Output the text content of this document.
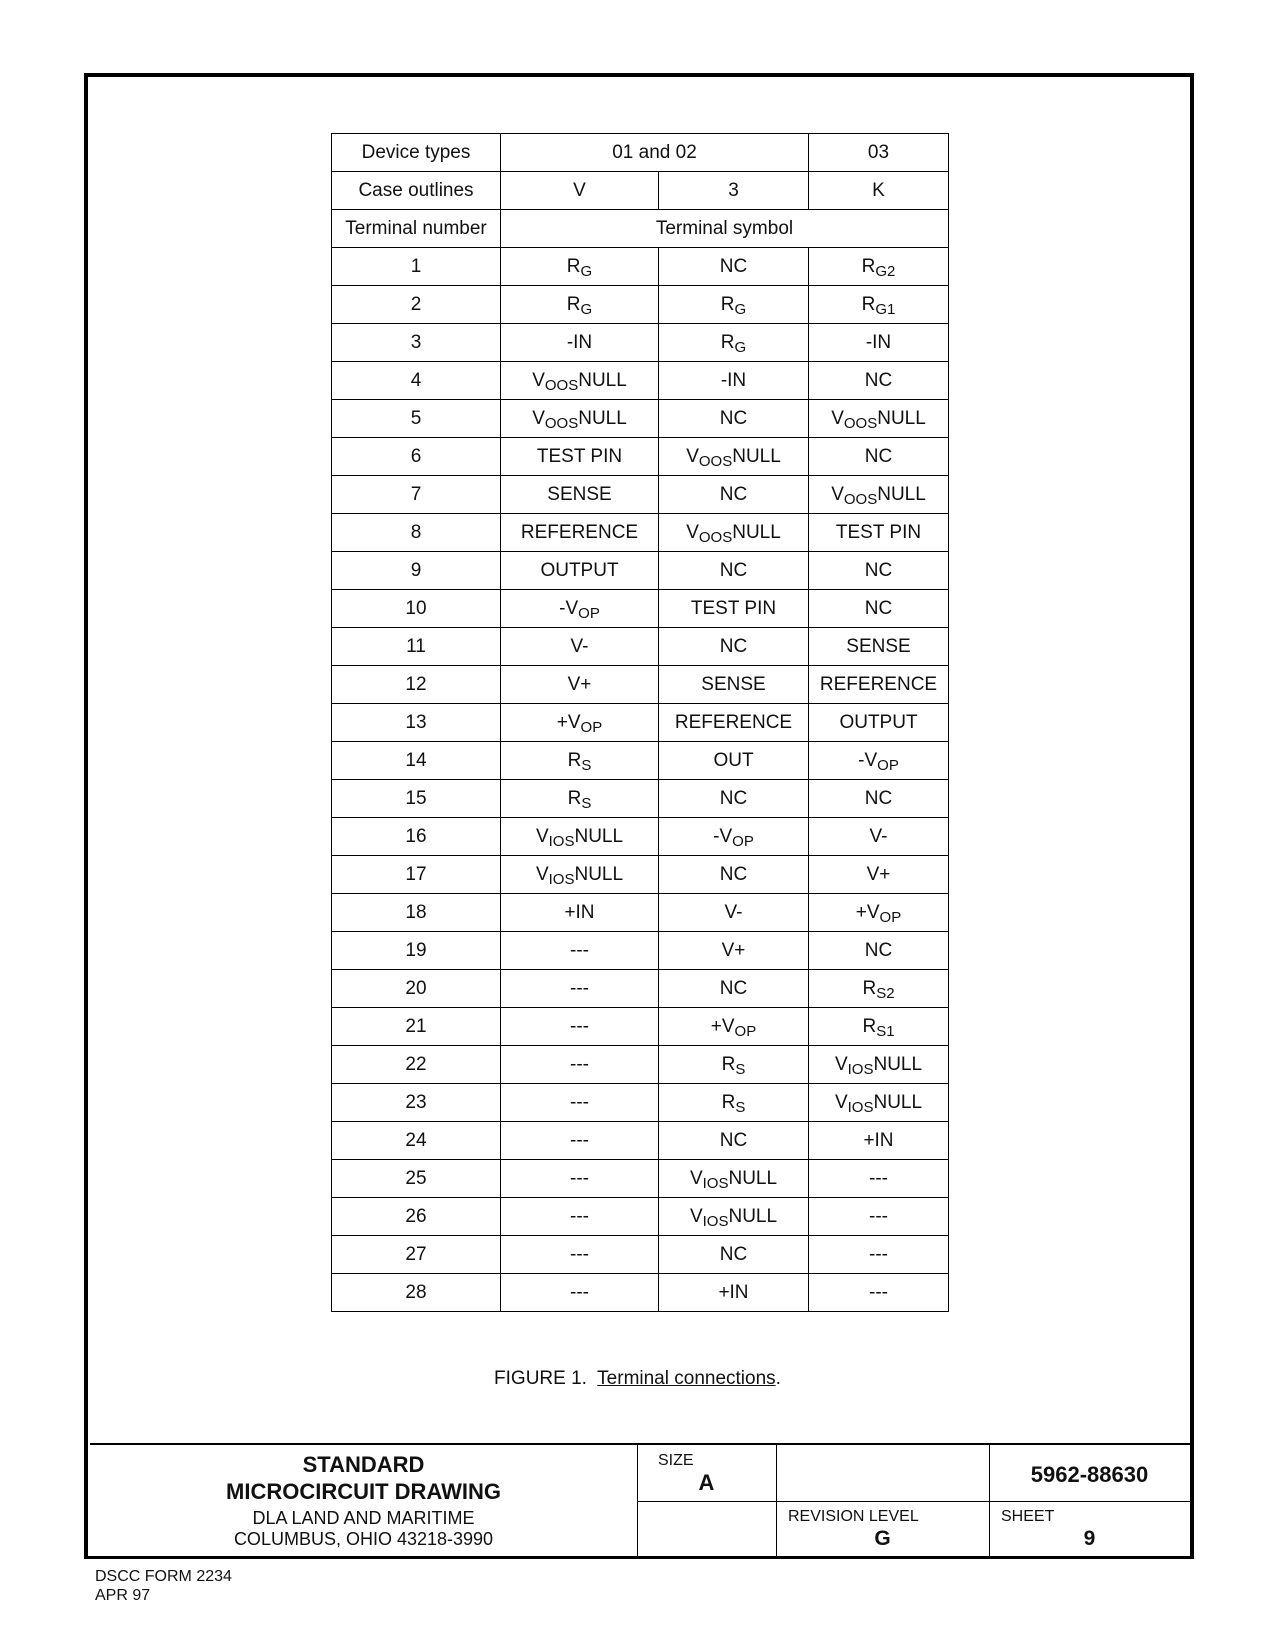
Device types	01 and 02		03
Case outlines	V	3	K
Terminal number	Terminal symbol		
1	$R_G$	NC	$R_{G2}$
2	$R_G$	$R_G$	$R_{G1}$
3	-IN	$R_G$	-IN
4	$V_{OOS}NULL$	-IN	NC
5	$V_{OOS}NULL$	NC	$V_{OOS}NULL$
6	TEST PIN	$V_{OOS}NULL$	NC
7	SENSE	NC	$V_{OOS}NULL$
8	REFERENCE	$V_{OOS}NULL$	TEST PIN
9	OUTPUT	NC	NC
10	$-V_{OP}$	TEST PIN	NC
11	V-	NC	SENSE
12	V+	SENSE	REFERENCE
13	$+V_{OP}$	REFERENCE	OUTPUT
14	$R_S$	OUT	$-V_{OP}$
15	$R_S$	NC	NC
16	$V_{IOS}NULL$	$-V_{OP}$	V-
17	$V_{IOS}NULL$	NC	V+
18	+IN	V-	$+V_{OP}$
19	---	V+	NC
20	---	NC	$R_{S2}$
21	---	$+V_{OP}$	$R_{S1}$
22	---	$R_S$	$V_{IOS}NULL$
23	---	$R_S$	$V_{IOS}NULL$
24	---	NC	+IN
25	---	$V_{IOS}NULL$	---
26	---	$V_{IOS}NULL$	---
27	---	NC	---
28	---	+IN	---
FIGURE 1. Terminal connections.
STANDARD
MICROCIRCUIT DRAWING
DLA LAND AND MARITIME
COLUMBUS, OHIO 43218-3990
SIZE
A	5962-88630
REVISION LEVEL
G
SHEET
9
DSCC FORM 2234
APR 97
